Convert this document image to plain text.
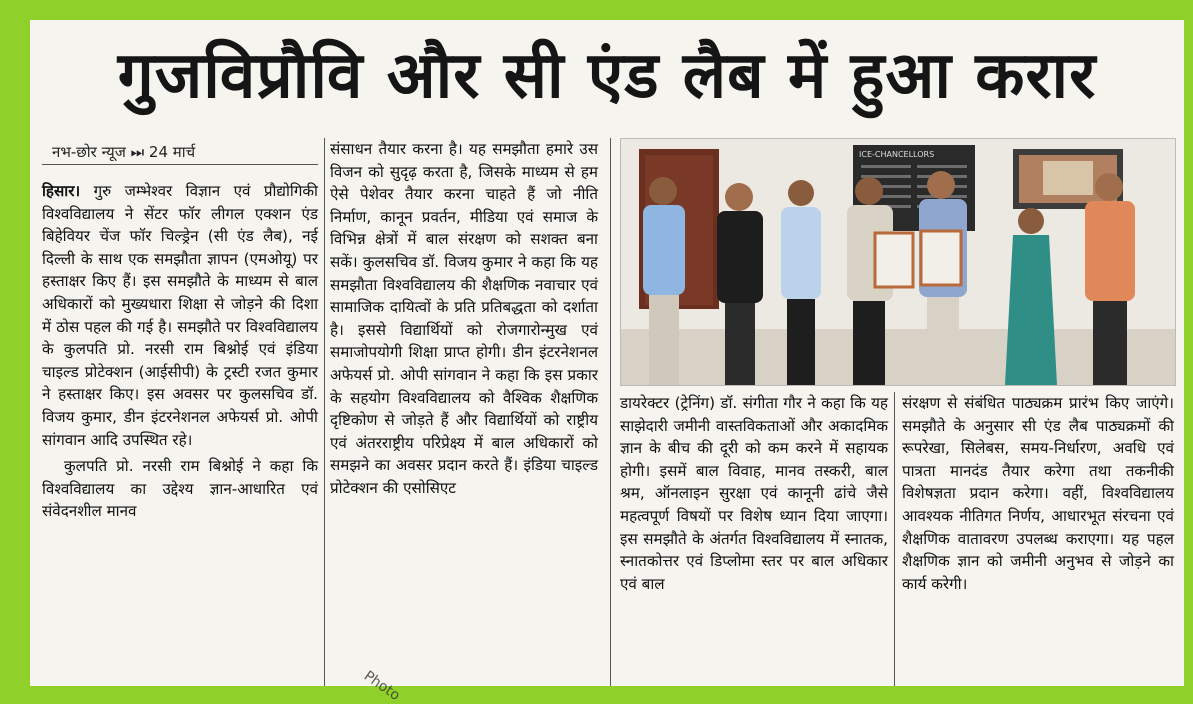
गुजविप्रौवि और सी एंड लैब में हुआ करार
नभ-छोर न्यूज ⏭ 24 मार्च

हिसार। गुरु जम्भेश्वर विज्ञान एवं प्रौद्योगिकी विश्वविद्यालय ने सेंटर फॉर लीगल एक्शन एंड बिहेवियर चेंज फॉर चिल्ड्रेन (सी एंड लैब), नई दिल्ली के साथ एक समझौता ज्ञापन (एमओयू) पर हस्ताक्षर किए हैं। इस समझौते के माध्यम से बाल अधिकारों को मुख्यधारा शिक्षा से जोड़ने की दिशा में ठोस पहल की गई है। समझौते पर विश्वविद्यालय के कुलपति प्रो. नरसी राम बिश्नोई एवं इंडिया चाइल्ड प्रोटेक्शन (आईसीपी) के ट्रस्टी रजत कुमार ने हस्ताक्षर किए। इस अवसर पर कुलसचिव डॉ. विजय कुमार, डीन इंटरनेशनल अफेयर्स प्रो. ओपी सांगवान आदि उपस्थित रहे।

कुलपति प्रो. नरसी राम बिश्नोई ने कहा कि विश्वविद्यालय का उद्देश्य ज्ञान-आधारित एवं संवेदनशील मानव

संसाधन तैयार करना है। यह समझौता हमारे उस विजन को सुदृढ़ करता है, जिसके माध्यम से हम ऐसे पेशेवर तैयार करना चाहते हैं जो नीति निर्माण, कानून प्रवर्तन, मीडिया एवं समाज के विभिन्न क्षेत्रों में बाल संरक्षण को सशक्त बना सकें। कुलसचिव डॉ. विजय कुमार ने कहा कि यह समझौता विश्वविद्यालय की शैक्षणिक नवाचार एवं सामाजिक दायित्वों के प्रति प्रतिबद्धता को दर्शाता है। इससे विद्यार्थियों को रोजगारोन्मुख एवं समाजोपयोगी शिक्षा प्राप्त होगी। डीन इंटरनेशनल अफेयर्स प्रो. ओपी सांगवान ने कहा कि इस प्रकार के सहयोग विश्वविद्यालय को वैश्विक शैक्षणिक दृष्टिकोण से जोड़ते हैं और विद्यार्थियों को राष्ट्रीय एवं अंतरराष्ट्रीय परिप्रेक्ष्य में बाल अधिकारों को समझने का अवसर प्रदान करते हैं। इंडिया चाइल्ड प्रोटेक्शन की एसोसिएट

ICE-CHANCELLORS

डायरेक्टर (ट्रेनिंग) डॉ. संगीता गौर ने कहा कि यह साझेदारी जमीनी वास्तविकताओं और अकादमिक ज्ञान के बीच की दूरी को कम करने में सहायक होगी। इसमें बाल विवाह, मानव तस्करी, बाल श्रम, ऑनलाइन सुरक्षा एवं कानूनी ढांचे जैसे महत्वपूर्ण विषयों पर विशेष ध्यान दिया जाएगा। इस समझौते के अंतर्गत विश्वविद्यालय में स्नातक, स्नातकोत्तर एवं डिप्लोमा स्तर पर बाल अधिकार एवं बाल

संरक्षण से संबंधित पाठ्यक्रम प्रारंभ किए जाएंगे। समझौते के अनुसार सी एंड लैब पाठ्यक्रमों की रूपरेखा, सिलेबस, समय-निर्धारण, अवधि एवं पात्रता मानदंड तैयार करेगा तथा तकनीकी विशेषज्ञता प्रदान करेगा। वहीं, विश्वविद्यालय आवश्यक नीतिगत निर्णय, आधारभूत संरचना एवं शैक्षणिक वातावरण उपलब्ध कराएगा। यह पहल शैक्षणिक ज्ञान को जमीनी अनुभव से जोड़ने का कार्य करेगी।

Photo
